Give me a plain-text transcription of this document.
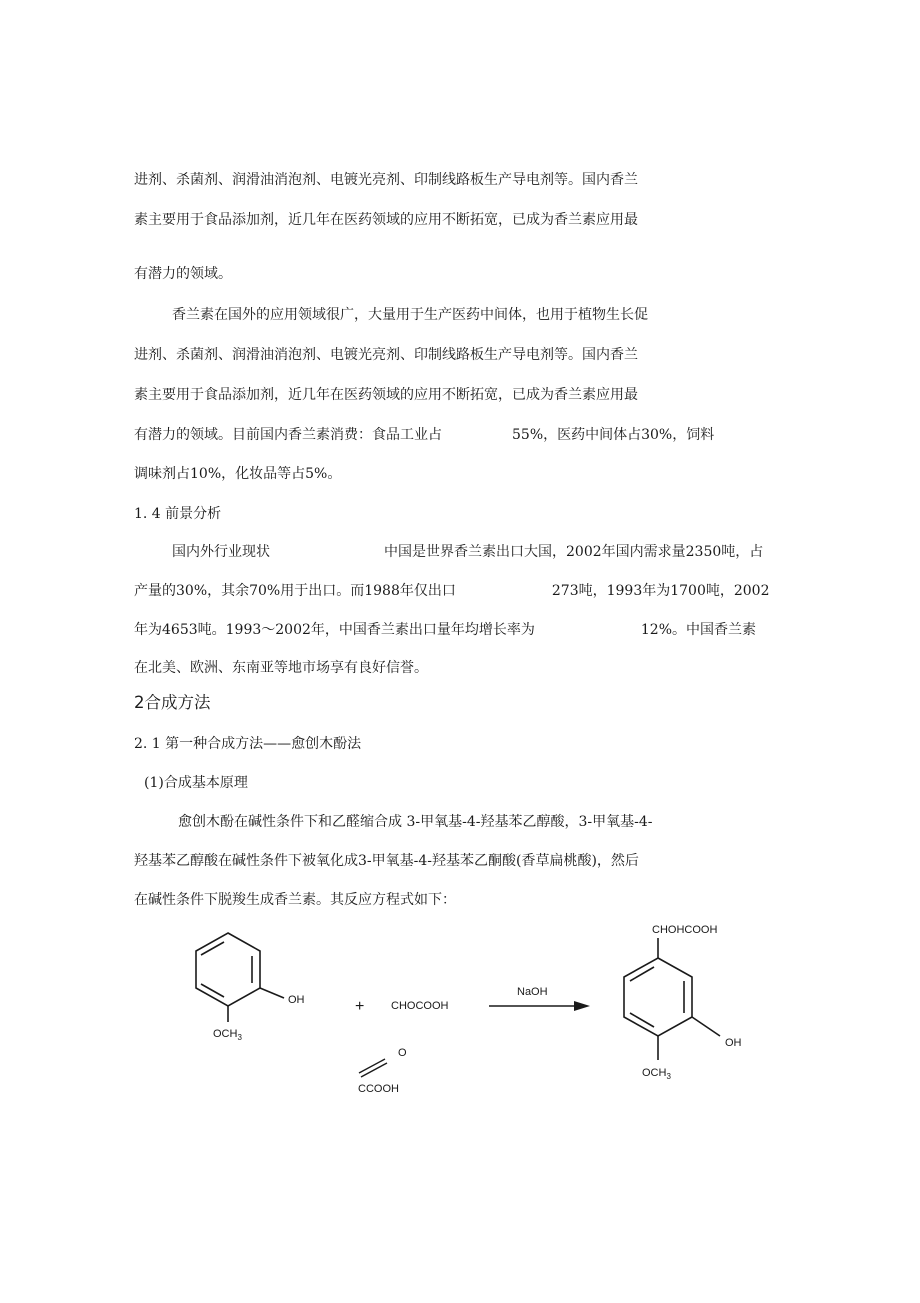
进剂、杀菌剂、润滑油消泡剂、电镀光亮剂、印制线路板生产导电剂等。国内香兰

素主要用于食品添加剂，近几年在医药领域的应用不断拓宽，已成为香兰素应用最

有潜力的领域。

香兰素在国外的应用领域很广，大量用于生产医药中间体，也用于植物生长促

进剂、杀菌剂、润滑油消泡剂、电镀光亮剂、印制线路板生产导电剂等。国内香兰

素主要用于食品添加剂，近几年在医药领域的应用不断拓宽，已成为香兰素应用最

有潜力的领域。目前国内香兰素消费：食品工业占	55%，医药中间体占30%，饲料

调味剂占10%，化妆品等占5%。

1. 4 前景分析

国内外行业现状	中国是世界香兰素出口大国，2002年国内需求量2350吨，占

产量的30%，其余70%用于出口。而1988年仅出口	273吨，1993年为1700吨，2002

年为4653吨。1993～2002年，中国香兰素出口量年均增长率为	12%。中国香兰素

在北美、欧洲、东南亚等地市场享有良好信誉。

2合成方法

2. 1 第一种合成方法——愈创木酚法

(1)合成基本原理

愈创木酚在碱性条件下和乙醛缩合成 3-甲氧基-4-羟基苯乙醇酸，3-甲氧基-4-

羟基苯乙醇酸在碱性条件下被氧化成3-甲氧基-4-羟基苯乙酮酸(香草扁桃酸)，然后

在碱性条件下脱羧生成香兰素。其反应方程式如下：

OH
$OCH_3$
+ CHOCOOH
O
CCOOH
NaOH
CHOHCOOH
OH
$OCH_3$
